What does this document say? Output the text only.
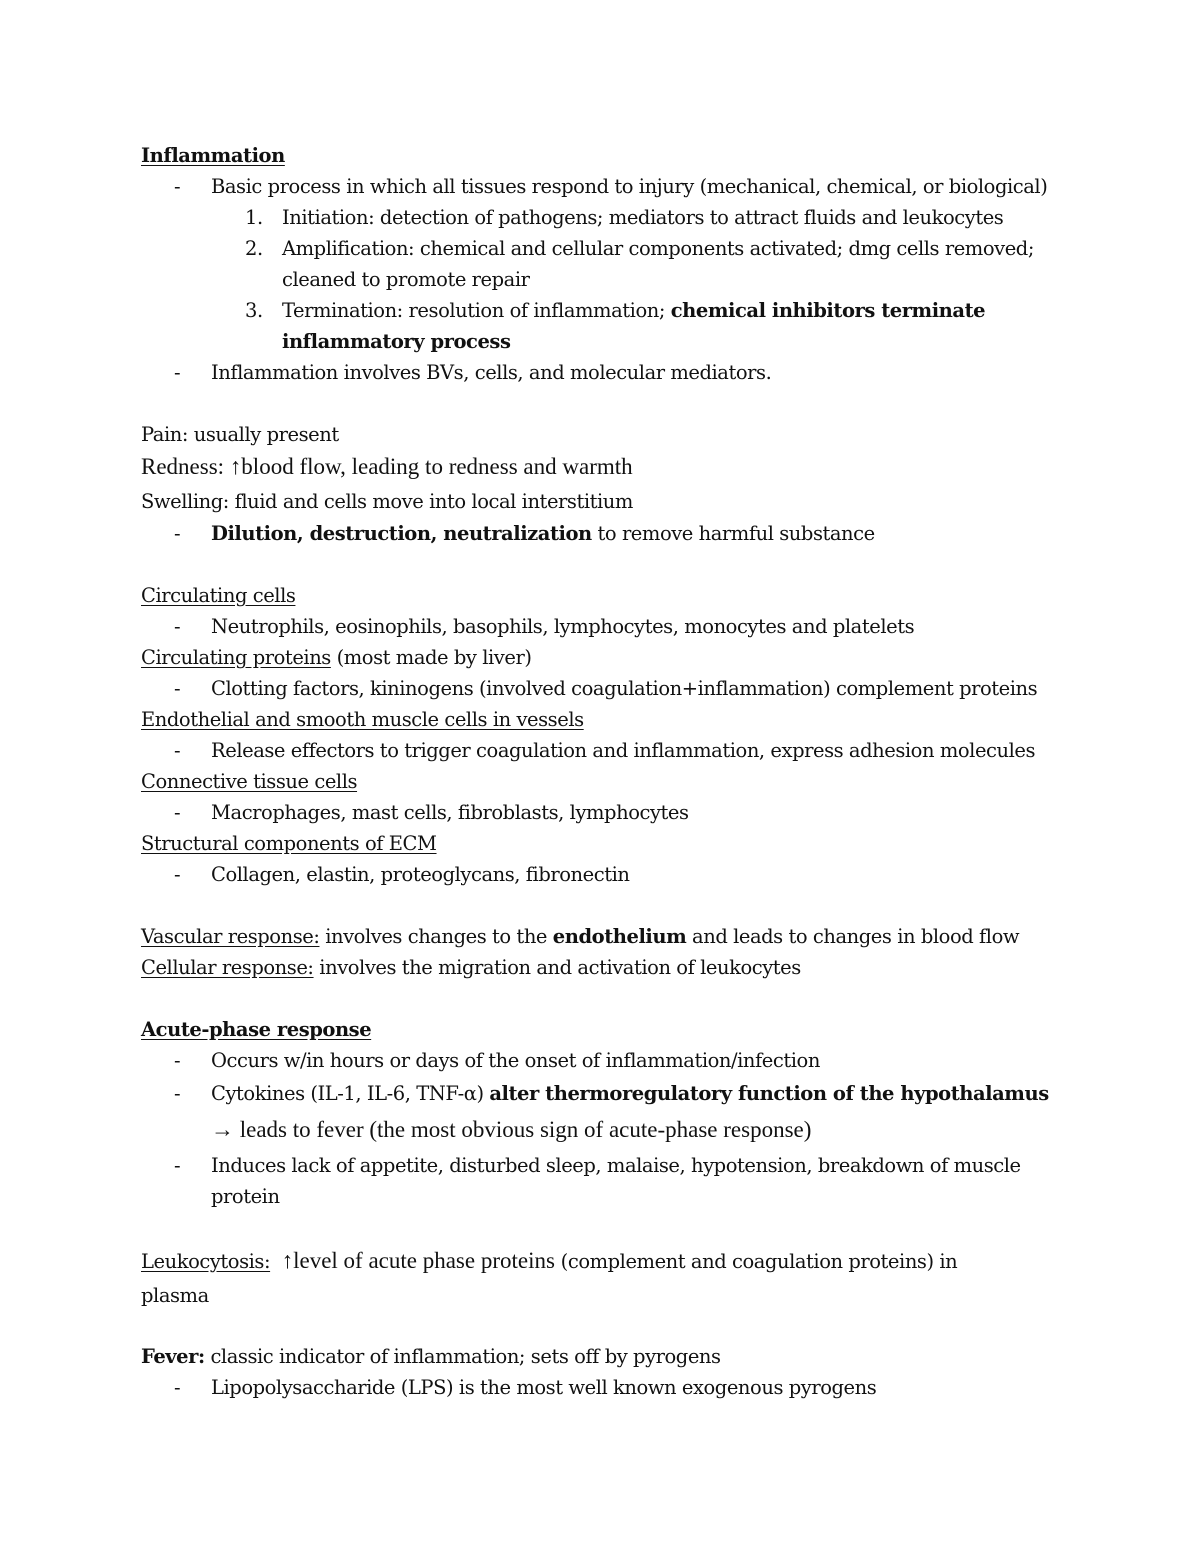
Inflammation
- Basic process in which all tissues respond to injury (mechanical, chemical, or biological)
1. Initiation: detection of pathogens; mediators to attract fluids and leukocytes
2. Amplification: chemical and cellular components activated; dmg cells removed;
cleaned to promote repair
3. Termination: resolution of inflammation; chemical inhibitors terminate
inflammatory process
- Inflammation involves BVs, cells, and molecular mediators.
Pain: usually present
Redness: ↑blood flow, leading to redness and warmth
Swelling: fluid and cells move into local interstitium
- Dilution, destruction, neutralization to remove harmful substance
Circulating cells
- Neutrophils, eosinophils, basophils, lymphocytes, monocytes and platelets
Circulating proteins (most made by liver)
- Clotting factors, kininogens (involved coagulation+inflammation) complement proteins
Endothelial and smooth muscle cells in vessels
- Release effectors to trigger coagulation and inflammation, express adhesion molecules
Connective tissue cells
- Macrophages, mast cells, fibroblasts, lymphocytes
Structural components of ECM
- Collagen, elastin, proteoglycans, fibronectin
Vascular response: involves changes to the endothelium and leads to changes in blood flow
Cellular response: involves the migration and activation of leukocytes
Acute-phase response
- Occurs w/in hours or days of the onset of inflammation/infection
- Cytokines (IL-1, IL-6, TNF-α) alter thermoregulatory function of the hypothalamus
→ leads to fever (the most obvious sign of acute-phase response)
- Induces lack of appetite, disturbed sleep, malaise, hypotension, breakdown of muscle
protein
Leukocytosis: ↑level of acute phase proteins (complement and coagulation proteins) in
plasma
Fever: classic indicator of inflammation; sets off by pyrogens
- Lipopolysaccharide (LPS) is the most well known exogenous pyrogens
